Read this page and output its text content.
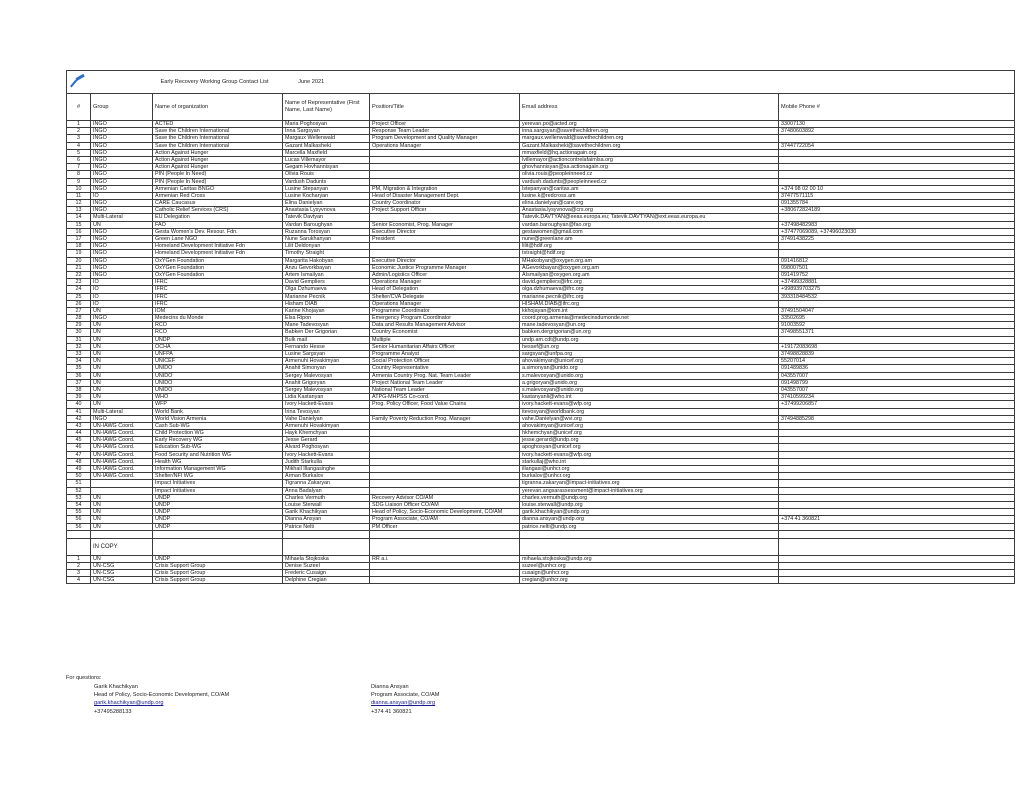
	Early Recovery Working Group Contact List June 2021					
#	Group	Name of organization	Name of Representative (First Name, Last Name)	Position/Title	Email address	Mobile Phone #
1	INGO	ACTED	Maria Poghosyan	Project Officer	yerevan.po@acted.org	33007130
2	INGO	Save the Children International	Inna Sargsyan	Response Team Leader	inna.sargsyan@savethechildren.org	37480603892
3	INGO	Save the Children International	Margaux Wellenwald	Program Development and Quality Manager	margaux.wellenwald@savethechildren.org	
4	INGO	Save the Children International	Gazant Malkasheki	Operations Manager	Gazant.Malkasheki@savethechildren.org	37447722054
5	INGO	Action Against Hunger	Marcella Maxfield		mmaxfield@hq.actionagain.org	
6	INGO	Action Against Hunger	Lucas Villemayor		lvillemayor@actioncontrelafaimlsa.org	
7	INGO	Action Against Hunger	Gegam Hovhannisyan		ghovhannisyan@sa.actionagain.org	
8	INGO	PIN (People In Need)	Olivia Rouis		olivia.rouis@peopleinneed.cz	
9	INGO	PIN (People In Need)	Vardush Dadunts		vardush.dadunts@peopleinneed.cz	
10	INGO	Armenian Caritas BNGO	Lusine Stepanyan	PM, Migration & Integration	lstepanyan@caritas.am	+374 98 02 00 10
11	IO	Armenian Red Cross	Lusine Kocharyan	Head of Disaster Management Dept.	lusine.k@redcross.am	37477571115
12	INGO	CARE Caucasus	Elina Danielyan	Country Coordinator	elina.danielyan@care.org	091355784
13	INGO	Catholic Relief Services (CRS)	Anastasia Lysyvnova	Project Support Officer	Anastasia.lysyvnova@crs.org	+380672824189
14	Multi-Lateral	EU Delegation	Tatevik Davtyan		Tatevik.DAVTYAN@eeas.europa.eu; Tatevik.DAVTYAN@ext.eeas.europa.eu	
15	UN	FAO	Vardan Baroughyan	Senior Economist, Prog. Manager	vardan.baroughyan@fao.org	+37498482983
16	INGO	Gesta Women's Dev. Resour. Fdn.	Ruzanna Torosyan	Executive Director	gestawomen@gmail.com	+37477069089, +37496023030
17	INGO	Green Lane NGO	Nune Sarukhanyan	President	nune@greenlane.am	37491438225
18	INGO	Homeland Development Initiative Fdn	Lilit Deldonyan		lilit@hdif.org	
19	INGO	Homeland Development Initiative Fdn	Timothy Straight		tstraight@hdif.org	
20	INGO	OxYGen Foundation	Margarita Hakobyan	Executive Director	MHakobyan@oxygen.org.am	091416812
21	INGO	OxYGen Foundation	Anzu Gevorkbayan	Economic Justice Programme Manager	AGevorkbayan@oxygen.org.am	098007501
22	INGO	OxYGen Foundation	Artem Ismailyan	Admin/Logistics Officer	AIsmailyan@oxygen.org.am	091419752
23	IO	IFRC	David Gempliers	Operations Manager	david.gempliers@ifrc.org	+37499328881
24	IO	IFRC	Olga Dzhumaeva	Head of Delegation	olga.dzhumaeva@ifrc.org	+998939703275
25	IO	IFRC	Marianne Pecnik	Shelter/CVA Delegate	marianne.pecnik@ifrc.org	393318484532
26	IO	IFRC	Hisham DIAB	Operations Manager	HISHAM.DIAB@ifrc.org	
27	UN	IOM	Karine Khojayan	Programme Coordinator	kkhojayan@iom.int	37491504047
28	INGO	Medecins du Monde	Elsa Ripon	Emergency Program Coordinator	coord.prog.armenia@medecinsdumonde.net	33502695
29	UN	RCO	Mane Tadevosyan	Data and Results Management Advisor	mane.tadevosyan@un.org	91003592
30	UN	RCO	Babken Der Grigorian	Country Economist	babken.dergrigorian@un.org	37498551371
31	UN	UNDP	Bulk mail	Multiple	undp.am.cdt@undp.org	
32	UN	OCHA	Fernando Hesse	Senior Humanitarian Affairs Officer	hessef@un.org	+19172083698
33	UN	UNFPA	Lusine Sargsyan	Programme Analyst	sargsyan@unfpa.org	37498828839
34	UN	UNICEF	Armenuhi Hovakimyan	Social Protection Officer	ahovakimyan@unicef.org	55207014
35	UN	UNIDO	Anahit Simonyan	Country Representative	a.simonyan@unido.org	091489836
36	UN	UNIDO	Sergey Malevosyan	Armenia Country Prog. Nat. Team Leader	s.malevosyan@unido.org	043557007
37	UN	UNIDO	Anahit Grigoryan	Project National Team Leader	a.grigoryan@unido.org	091498799
38	UN	UNIDO	Sergey Malevosyan	National Team Leader	s.malevosyan@unido.org	043557007
39	UN	WHO	Lidia Kastanyan	ATPG-MHPSS Co-cord.	kastanyanli@who.int	37410599234
40	UN	WFP	Ivory Hackett-Evans	Prog. Policy Officer, Food Value Chains	ivory.hackett-evans@wfp.org	+37499206857
41	Multi-Lateral	World Bank	Irina Tevosyan		itevosyan@worldbank.org	
42	INGO	World Vision Armenia	Vahe Danielyan	Family Poverty Reduction Prog. Manager	vahe.Danielyan@wvi.org	37494885298
43	UN-IAWG Coord.	Cash Sub-WG	Armenuhi Hovakimyan		ahovakimyan@unicef.org	
44	UN-IAWG Coord.	Child Protection WG	Hayk Khemchyan		hkhemchyan@unicef.org	
45	UN-IAWG Coord.	Early Recovery WG	Jesse Gerard		jesse.gerard@undp.org	
46	UN-IAWG Coord.	Education Sub-WG	Alvard Poghosyan		apoghosyan@unicef.org	
47	UN-IAWG Coord.	Food Security and Nutrition WG	Ivory Hackett-Evans		ivory.hackett-evans@wfp.org	
48	UN-IAWG Coord.	Health WG	Judith Starkulla		starkullaj@who.int	
49	UN-IAWG Coord.	Information Management WG	Mikhail Illangasinghe		illangasi@unhcr.org	
50	UN-IAWG Coord.	Shelter/NFI WG	Arman Burkalov		burkalov@unhcr.org	
51		Impact Initiatives	Tigranna Zakaryan		tigranna.zakaryan@impact-initiatives.org	
52		Impact Initiatives	Anna Badalyan		yerevan.angsarassessment@impact-initiatives.org	
53	UN	UNDP	Charles Vermuth	Recovery Advisor CO/AM	charles.vermuth@undp.org	
54	UN	UNDP	Louise Sterwall	SDG Liaison Officer CO/AM	louise.sterwall@undp.org	
55	UN	UNDP	Garik Khachikyan	Head of Policy, Socio-Economic Development, CO/AM	garik.khachikyan@undp.org	
56	UN	UNDP	Dianna Ansyan	Program Associate, CO/AM	dianna.ansyan@undp.org	+374 41 360821
56	UN	UNDP	Patrice Nelti	PM Officer	patrice.nelti@undp.org	

	IN COPY					
1	UN	UNDP	Mihaela Stojkoska	RR a.i.	mihaela.stojkoska@undp.org	
2	UN-CSG	Crisis Support Group	Denise Suzeel		suzeel@unhcr.org	
3	UN-CSG	Crisis Support Group	Frederic Cusaign		cusaign@unhcr.org	
4	UN-CSG	Crisis Support Group	Delphine Cregian		cregian@unhcr.org	
For questions:
Garik Khachikyan
Head of Policy, Socio-Economic Development, CO/AM
garik.khachikyan@undp.org
+37495288133
Dianna Ansyan
Program Associate, CO/AM
dianna.ansyan@undp.org
+374 41 360821
